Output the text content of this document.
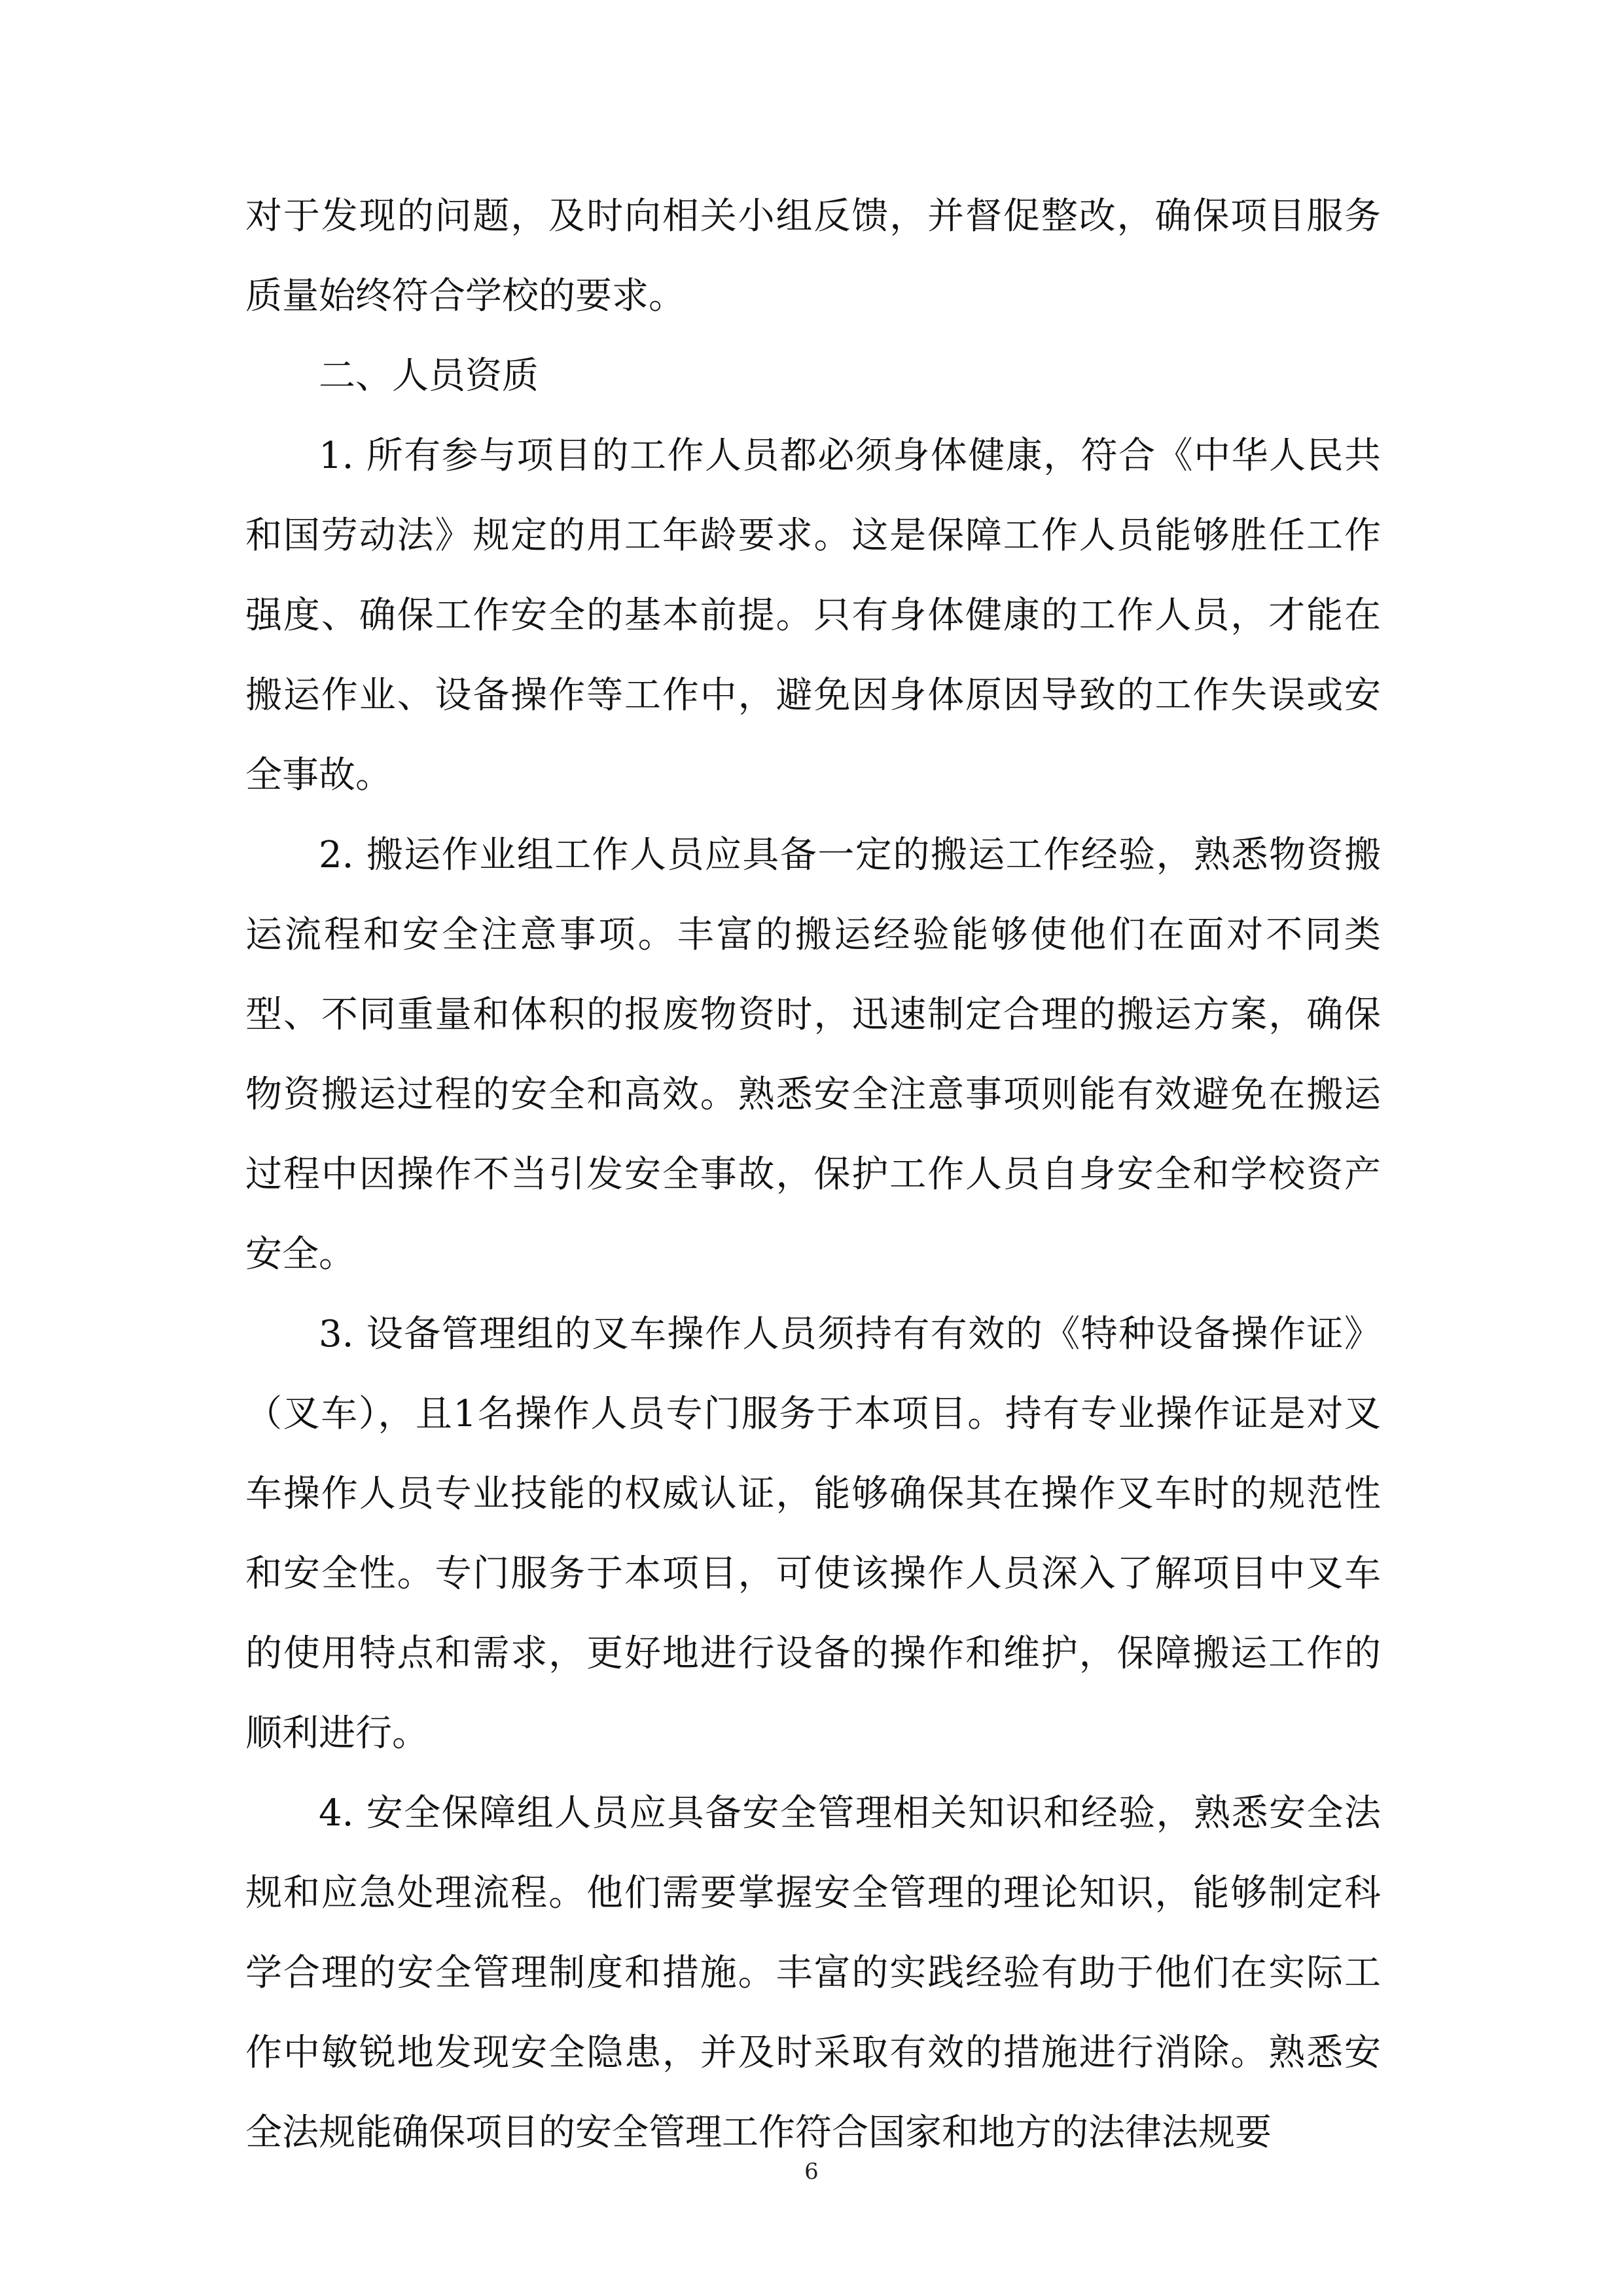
对于发现的问题，及时向相关小组反馈，并督促整改，确保项目服务质量始终符合学校的要求。

二、人员资质

1. 所有参与项目的工作人员都必须身体健康，符合《中华人民共和国劳动法》规定的用工年龄要求。这是保障工作人员能够胜任工作强度、确保工作安全的基本前提。只有身体健康的工作人员，才能在搬运作业、设备操作等工作中，避免因身体原因导致的工作失误或安全事故。

2. 搬运作业组工作人员应具备一定的搬运工作经验，熟悉物资搬运流程和安全注意事项。丰富的搬运经验能够使他们在面对不同类型、不同重量和体积的报废物资时，迅速制定合理的搬运方案，确保物资搬运过程的安全和高效。熟悉安全注意事项则能有效避免在搬运过程中因操作不当引发安全事故，保护工作人员自身安全和学校资产安全。

3. 设备管理组的叉车操作人员须持有有效的《特种设备操作证》（叉车），且1名操作人员专门服务于本项目。持有专业操作证是对叉车操作人员专业技能的权威认证，能够确保其在操作叉车时的规范性和安全性。专门服务于本项目，可使该操作人员深入了解项目中叉车的使用特点和需求，更好地进行设备的操作和维护，保障搬运工作的顺利进行。

4. 安全保障组人员应具备安全管理相关知识和经验，熟悉安全法规和应急处理流程。他们需要掌握安全管理的理论知识，能够制定科学合理的安全管理制度和措施。丰富的实践经验有助于他们在实际工作中敏锐地发现安全隐患，并及时采取有效的措施进行消除。熟悉安全法规能确保项目的安全管理工作符合国家和地方的法律法规要

6
